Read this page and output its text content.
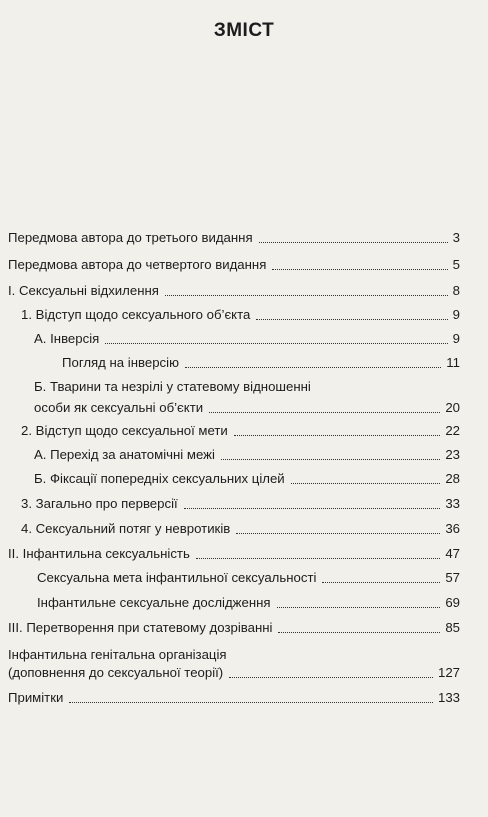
ЗМІСТ
Передмова автора до третього видання	3
Передмова автора до четвертого видання	5
I. Сексуальні відхилення	8
1. Відступ щодо сексуального об’єкта	9
А. Інверсія	9
Погляд на інверсію	11
Б. Тварини та незрілі у статевому відношенні
особи як сексуальні об’єкти	20
2. Відступ щодо сексуальної мети	22
А. Перехід за анатомічні межі	23
Б. Фіксації попередніх сексуальних цілей	28
3. Загально про перверсії	33
4. Сексуальний потяг у невротиків	36
II. Інфантильна сексуальність	47
Сексуальна мета інфантильної сексуальності	57
Інфантильне сексуальне дослідження	69
III. Перетворення при статевому дозріванні	85
Інфантильна генітальна організація
(доповнення до сексуальної теорії)	127
Примітки	133
